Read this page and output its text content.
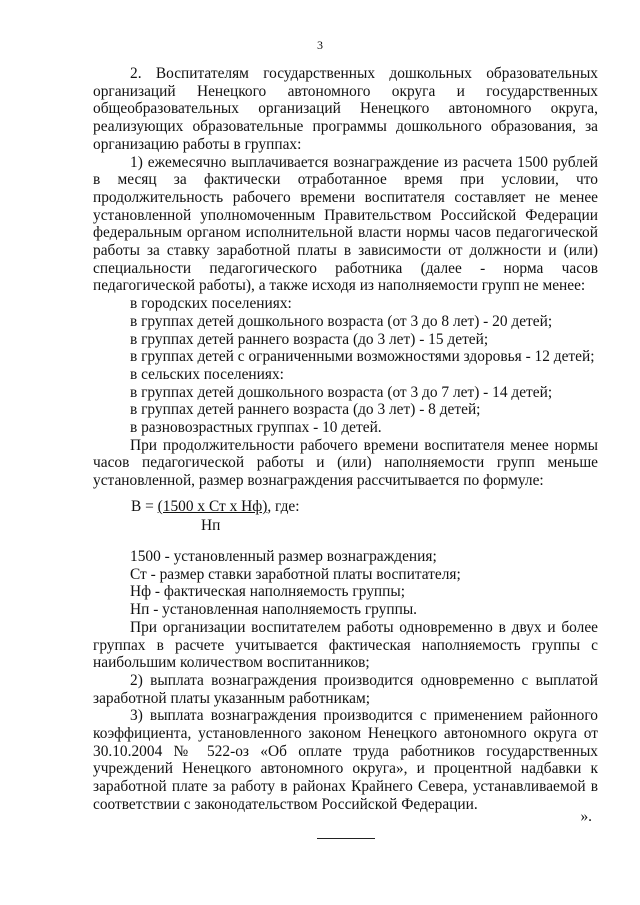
3

2. Воспитателям государственных дошкольных образовательных организаций Ненецкого автономного округа и государственных общеобразовательных организаций Ненецкого автономного округа, реализующих образовательные программы дошкольного образования, за организацию работы в группах:

1) ежемесячно выплачивается вознаграждение из расчета 1500 рублей в месяц за фактически отработанное время при условии, что продолжительность рабочего времени воспитателя составляет не менее установленной уполномоченным Правительством Российской Федерации федеральным органом исполнительной власти нормы часов педагогической работы за ставку заработной платы в зависимости от должности и (или) специальности педагогического работника (далее - норма часов педагогической работы), а также исходя из наполняемости групп не менее:

в городских поселениях:

в группах детей дошкольного возраста (от 3 до 8 лет) - 20 детей;

в группах детей раннего возраста (до 3 лет) - 15 детей;

в группах детей с ограниченными возможностями здоровья - 12 детей;

в сельских поселениях:

в группах детей дошкольного возраста (от 3 до 7 лет) - 14 детей;

в группах детей раннего возраста (до 3 лет) - 8 детей;

в разновозрастных группах - 10 детей.

При продолжительности рабочего времени воспитателя менее нормы часов педагогической работы и (или) наполняемости групп меньше установленной, размер вознаграждения рассчитывается по формуле:

В = (1500 х Ст х Нф), где:
Нп

1500 - установленный размер вознаграждения;

Ст - размер ставки заработной платы воспитателя;

Нф - фактическая наполняемость группы;

Нп - установленная наполняемость группы.

При организации воспитателем работы одновременно в двух и более группах в расчете учитывается фактическая наполняемость группы с наибольшим количеством воспитанников;

2) выплата вознаграждения производится одновременно с выплатой заработной платы указанным работникам;

3) выплата вознаграждения производится с применением районного коэффициента, установленного законом Ненецкого автономного округа от 30.10.2004 № 522-оз «Об оплате труда работников государственных учреждений Ненецкого автономного округа», и процентной надбавки к заработной плате за работу в районах Крайнего Севера, устанавливаемой в соответствии с законодательством Российской Федерации.

».
